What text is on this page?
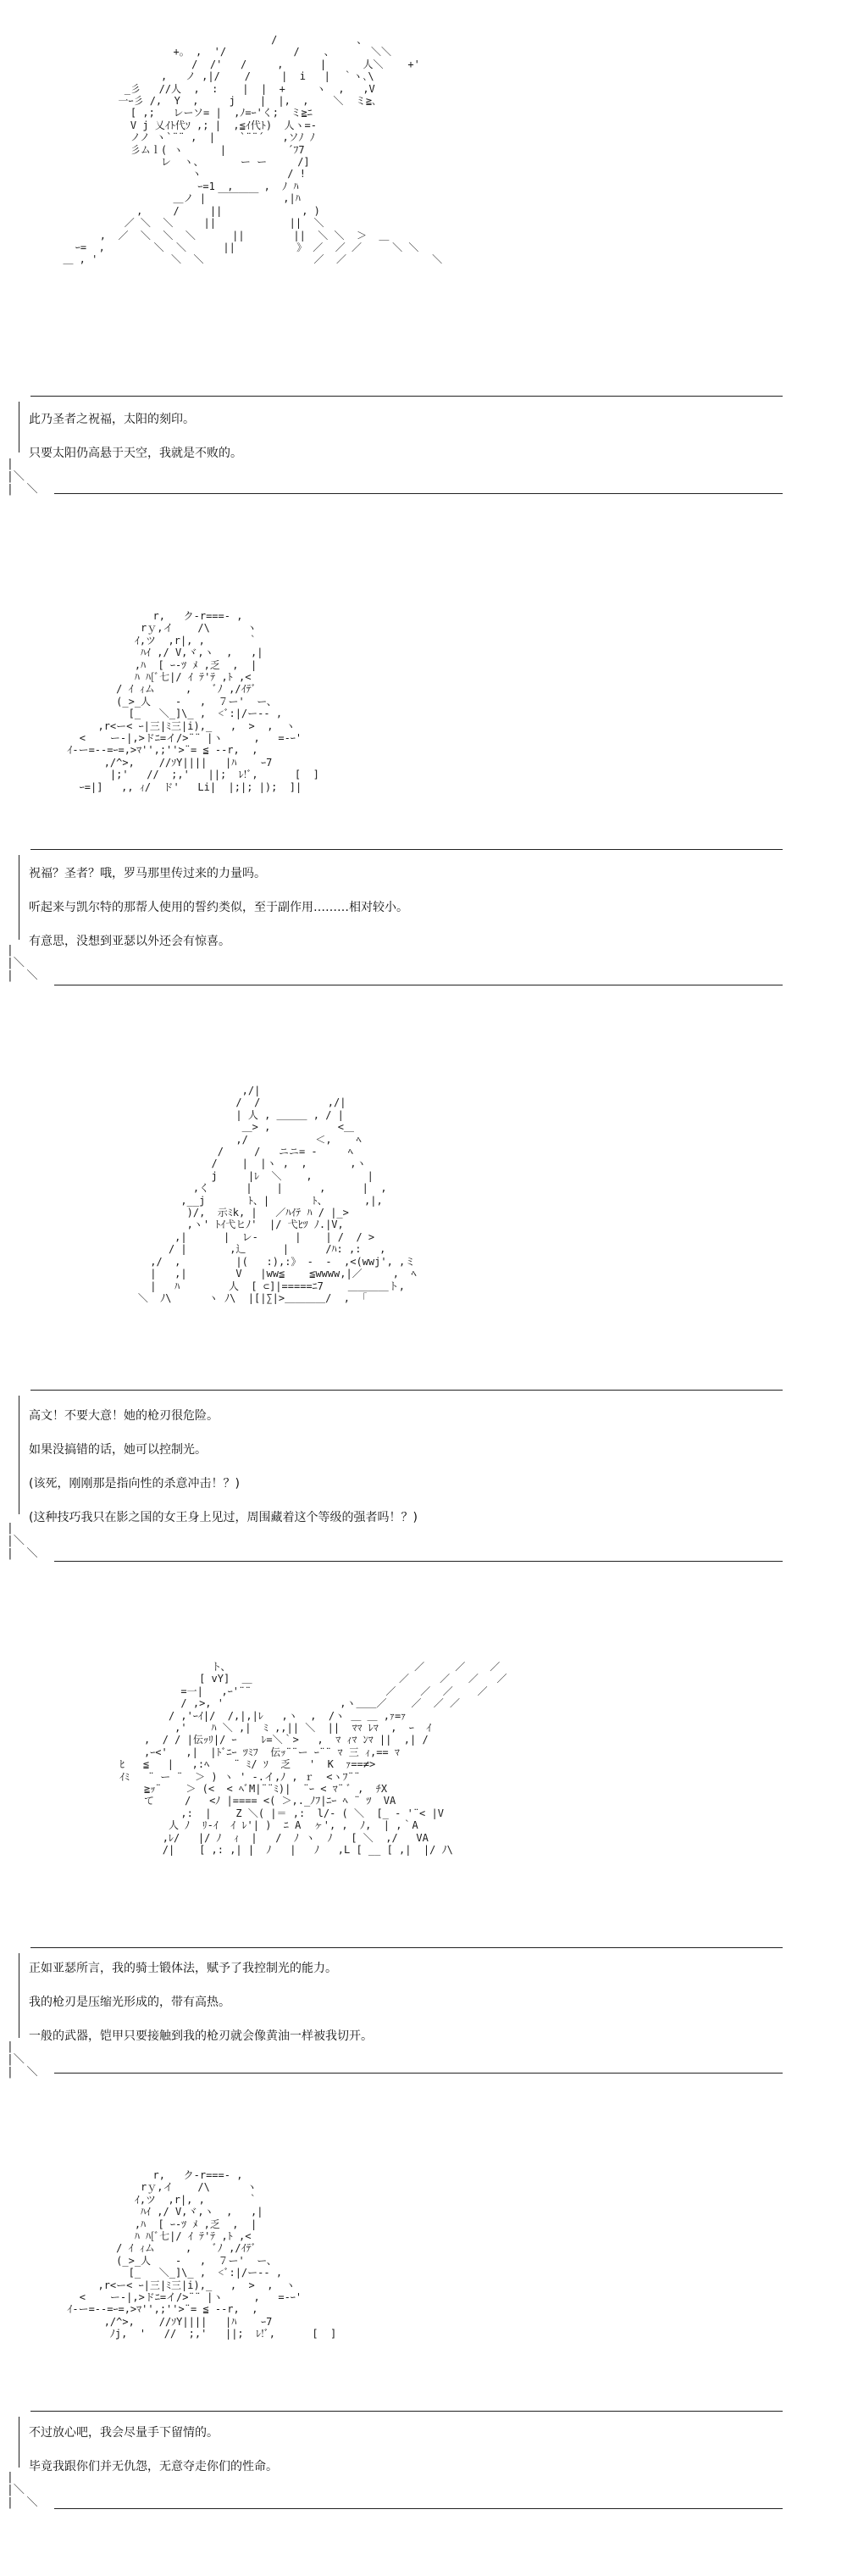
/             、
+。 ,  '/           /    、      ＼＼
/  /'   /     ,      |      人＼    +'
,   ノ ,|/    /     |  i   |  ｀ヽ､\
_彡   //人  ,  :    |  |  +     ヽ  ,   ,V
一ｰ彡 /,  Y  ,     j    |  |,  ,    ＼  ミ≧､
[ ,;   レーソ= |  ,ﾉ=ｰ'く;  ミ≧ﾆ
V j 乂ｲﾄ代ｿ ,; |  ,≦ｲ代ﾄ)  人ヽ=-
ノノ ヽ`¨¨ ,  |    `¨¨´   ,ソﾉ ﾉ
彡ムｌ( ヽ      |          ´ﾌ7
レ  ヽ、      ー ー     /]
ヽ              / !
ｰ=1  ,     ,  ﾉ ﾊ
＿ノ |  ￣￣￣￣    ,|ﾊ
,     /     ||             , )
／ ＼  ＼     ||            ||  ＼
,  ／  ＼  ＼  ＼      ||        ||  ＼ ＼  ＞  ＿
ｰ=  ,        ＼  ＼      ||          》 ／  ／ ／     ＼ ＼
＿ , '            ＼  ＼                  ／  ／              ＼
此乃圣者之祝福，太阳的刻印。
只要太阳仍高悬于天空，我就是不败的。
|
|＼
|  ＼
r,   ク-r===- ,
rｙ,イ    /\      ヽ
ｲ,ツ  ,r|, ,       ｀
ﾊｲ ,/ V,ヾ,ヽ  ,   ,|
,ﾊ  [ ｰ-ﾂ ﾒ ,乏  ,  |
ﾊ ﾊ[ﾞ七|/ ｲ ﾃ'ﾃ ,ﾄ ,<
/ ｲ ｨム     ,    ﾞﾉ ,/ｲﾃﾞ
(_>_人    -   ,  ７ー'  ー、
[_   ＼_]\_ ,  <ﾞ:|/ー-- ,
,r<ー< ｰ|三|ﾐ三|i),_   ,  >  ,  ヽ
<    ー-|,>ドﾆ=イ/>¨¨ |ヽ     ,   =-ｰ'
ｲ-ー=--=ｰ=,>ﾏ'',;''>¨= ≦ --r,  ,
,/^>,    //ｿY||||   |ﾊ    ｰ7
|;'   //  ;,'   ||;  ﾚ!ﾞ,      [  ]
ｰ=|]   ,, ｨ/  ド'   Li|  |;|; |);  ]|
祝福？圣者？哦，罗马那里传过来的力量吗。
听起来与凯尔特的那帮人使用的誓约类似，至于副作用………相对较小。
有意思，没想到亚瑟以外还会有惊喜。
|
|＼
|  ＼
,/|
/  /           ,/|
| 人 , ＿＿＿ , / |
＿> ,           <＿
,/           ＜,    ﾍ
/     /   ニニ= -     ﾍ
/    |  |ヽ ,  ,       ,ヽ
j     |ﾚ  ＼    ,         |
,く      |    |      ,      |  ,
,__j       ﾄ、|       ﾄ、      ,|,
)/,  示ﾐk, |   ／ﾊｲﾃ ﾊ / |_>
,ヽ' ﾄｲ弋ヒﾉ'  |/ 弋ﾋﾂ ﾉ.|V,
,|      |  レ-      |    | /  / >
/ |       ,辶      |      /ﾊ: ,:   ,
,/  ,         |(   :),:》 -  -  ,<(wwj', ,ミ
|   ,|        V   |ww≦    ≦wwww,|／     ,  ﾍ
|   ﾊ        人  [ ⊂]|=====ﾆ7    ＿＿＿＿ト,
＼  ﾉ\      ヽ ﾉ\  |[|∑|>＿＿＿＿/  ,  ｢
高文！不要大意！她的枪刃很危险。
如果没搞错的话，她可以控制光。
(该死，刚刚那是指向性的杀意冲击！？)
(这种技巧我只在影之国的女王身上见过，周围藏着这个等级的强者吗！？)
|
|＼
|  ＼
ト、                              ／     ／    ／
[ vY]  ＿                        ／     ／   ／   ／
=一|   ,ｰ'¨¨                      ／    ／  ／    ／
/ ,>, '                   ,ヽ＿＿／    ／  ／ ／
/ ,'ｰｲ|/  /,|,|ﾚ   ,ヽ  ,  /ヽ ＿ ＿ ,ｧ=ｧ
,'    ﾊ ＼ ,|  ﾐ ,,|| ＼  ||  ﾏﾏ ﾚﾏ  ,  ｰ  ｲ
,  / / |伝ｯﾘ|/ ｰ    ﾚ=＼｀>   ,  ﾏ ｨﾏ ﾝﾏ ||  ,| /
,ｰ<'   ,|  |ﾄﾞﾆｰ ﾂﾐﾌ  伝ｯ¨¨ー ｰ¨¨ ﾏ 三 ｨ,== ﾏ
ﾋ   ≦   |   ,:ﾍ    ¨ ﾐ/ ｿ  乏   '  K  ｧ==≠>
ｲﾐ   ¨ ー ¨  ＞ ) ヽ ' -.イ,ﾉ , ｒ  <ヽﾌ¨¨
≧ｯ¨    ＞ (<  < ﾍﾞM|¨¨ﾐ)|  ¨ｰ < ﾏ¨ ﾞ ,  ﾁX
て     /   <ﾉ |==== <( ＞,._ﾉﾌ|ﾆｰ ﾍ ¨ ﾂ  VA
,:  |    Z ＼( |＝ ,:  l/- ( ＼  [_ - '¨< |V
人 ﾉ  ﾘ-ｲ  ｲ ﾚ'| )  ﾆ A  ヶ', ,  ﾉ,  | ,｀A
,ﾚ/   |/ ﾉ  ｨ  |   /  ﾉ ヽ  ﾉ   [ ＼  ,/   VA
/|    [ ,: ,| |  ﾉ   |   ﾉ   ,L [ __ [ ,|  |/ ﾉ\
正如亚瑟所言，我的骑士锻体法，赋予了我控制光的能力。
我的枪刃是压缩光形成的，带有高热。
一般的武器，铠甲只要接触到我的枪刃就会像黄油一样被我切开。
|
|＼
|  ＼
r,   ク-r===- ,
rｙ,イ    /\      ヽ
ｲ,ツ  ,r|, ,       ｀
ﾊｲ ,/ V,ヾ,ヽ  ,   ,|
,ﾊ  [ ｰ-ﾂ ﾒ ,乏  ,  |
ﾊ ﾊ[ﾞ七|/ ｲ ﾃ'ﾃ ,ﾄ ,<
/ ｲ ｨム     ,    ﾞﾉ ,/ｲﾃﾞ
(_>_人    -   ,  ７ー'  ー、
[_   ＼_]\_ ,  <ﾞ:|/ー-- ,
,r<ー< ｰ|三|ﾐ三|i),_   ,  >  ,  ヽ
<    ー-|,>ドﾆ=イ/>¨¨ |ヽ     ,   =-ｰ'
ｲ-ー=--=ｰ=,>ﾏ'',;''>¨= ≦ --r,  ,
,/^>,    //ｿY||||   |ﾊ    ｰ7
ﾉj,  '   //  ;,'   ||;  ﾚ!ﾞ,      [  ]
不过放心吧，我会尽量手下留情的。
毕竟我跟你们并无仇怨，无意夺走你们的性命。
|
|＼
|  ＼
